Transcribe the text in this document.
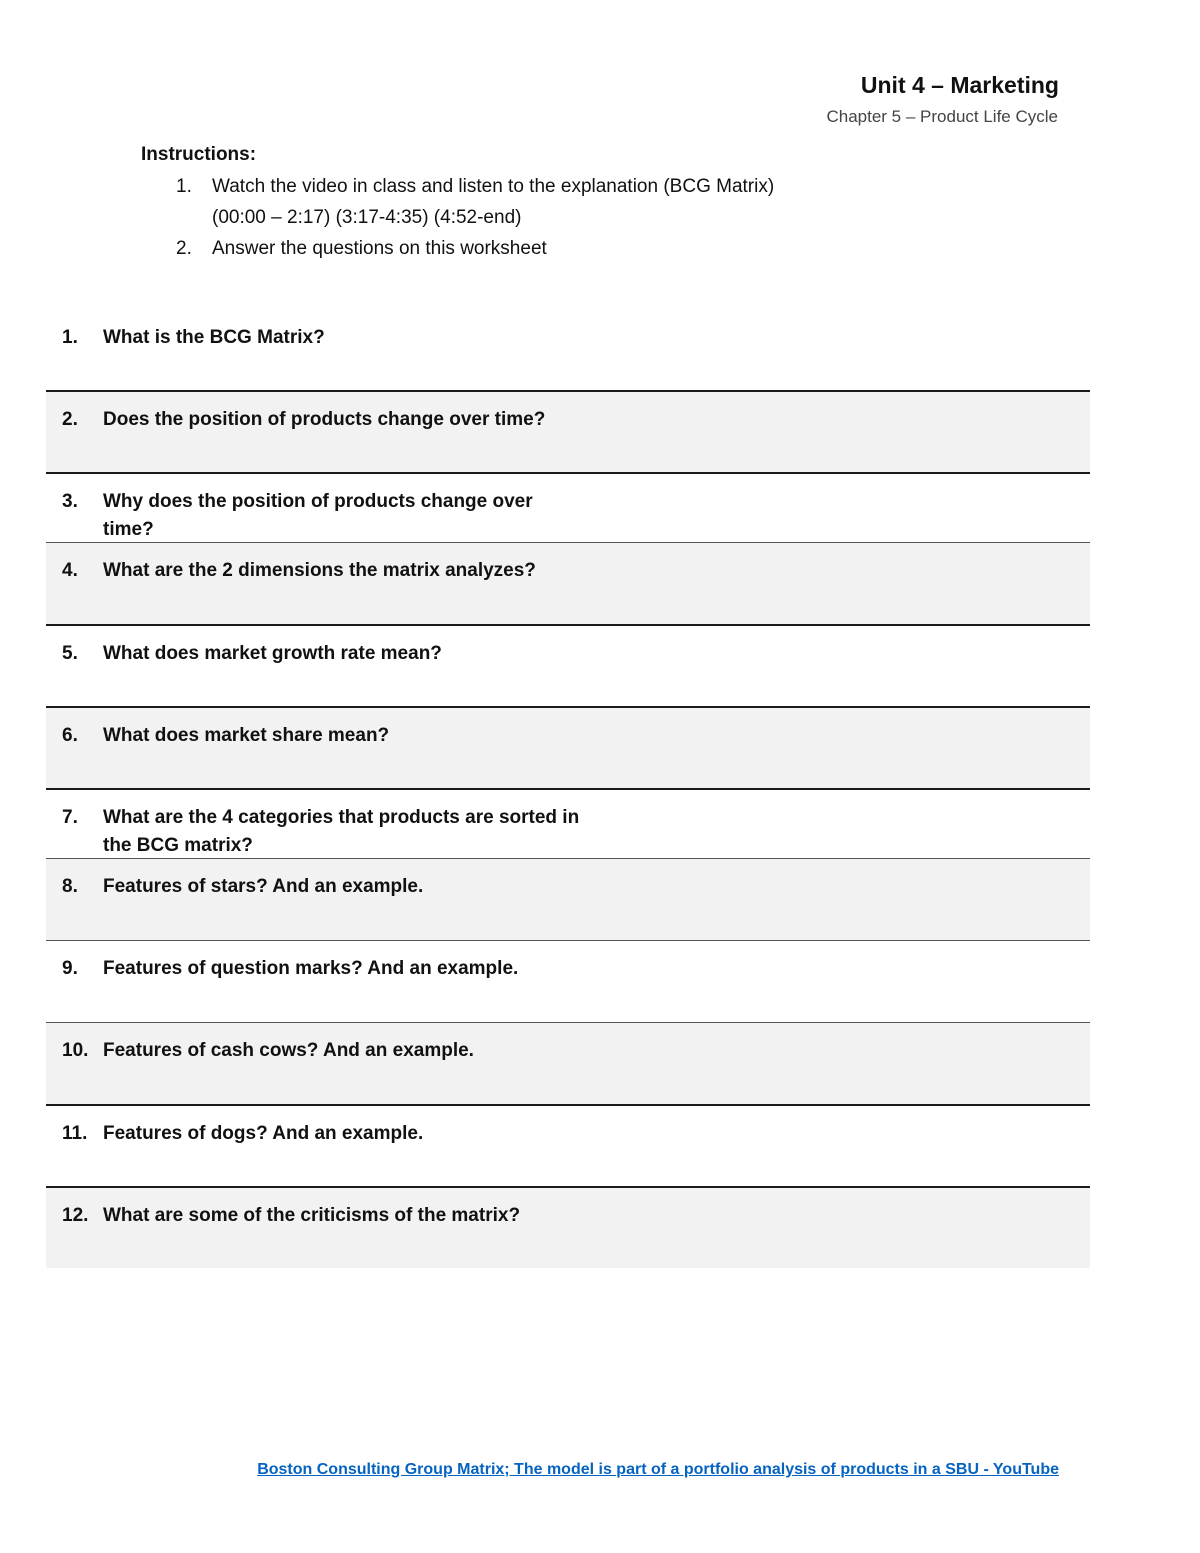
Unit 4 – Marketing
Chapter 5 – Product Life Cycle
Instructions:
1. Watch the video in class and listen to the explanation (BCG Matrix)
(00:00 – 2:17) (3:17-4:35) (4:52-end)
2. Answer the questions on this worksheet
1. What is the BCG Matrix?
2. Does the position of products change over time?
3. Why does the position of products change over time?
4. What are the 2 dimensions the matrix analyzes?
5. What does market growth rate mean?
6. What does market share mean?
7. What are the 4 categories that products are sorted in the BCG matrix?
8. Features of stars? And an example.
9. Features of question marks? And an example.
10. Features of cash cows? And an example.
11. Features of dogs? And an example.
12. What are some of the criticisms of the matrix?
Boston Consulting Group Matrix; The model is part of a portfolio analysis of products in a SBU - YouTube
